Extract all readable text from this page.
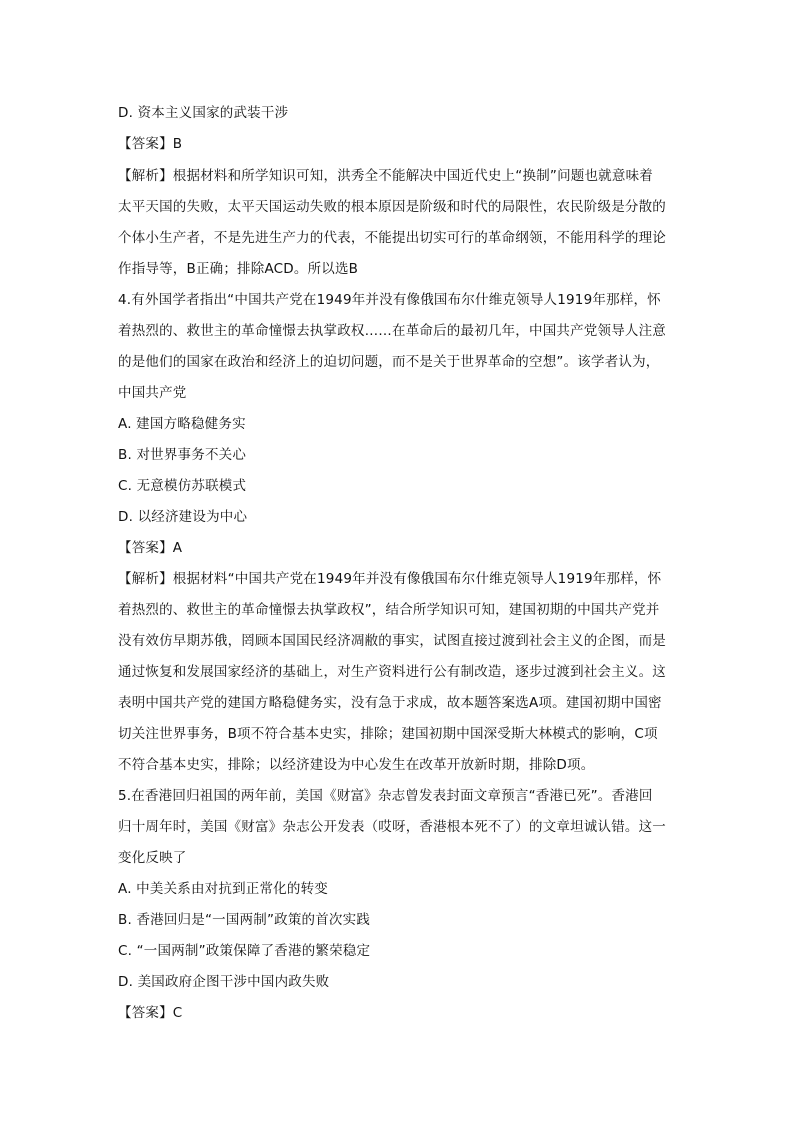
D. 资本主义国家的武装干涉
【答案】B
【解析】根据材料和所学知识可知，洪秀全不能解决中国近代史上“换制”问题也就意味着
太平天国的失败，太平天国运动失败的根本原因是阶级和时代的局限性，农民阶级是分散的
个体小生产者，不是先进生产力的代表，不能提出切实可行的革命纲领，不能用科学的理论
作指导等，B正确；排除ACD。所以选B
4.有外国学者指出“中国共产党在1949年并没有像俄国布尔什维克领导人1919年那样，怀
着热烈的、救世主的革命憧憬去执掌政权……在革命后的最初几年，中国共产党领导人注意
的是他们的国家在政治和经济上的迫切问题，而不是关于世界革命的空想”。该学者认为，
中国共产党
A. 建国方略稳健务实
B. 对世界事务不关心
C. 无意模仿苏联模式
D. 以经济建设为中心
【答案】A
【解析】根据材料“中国共产党在1949年并没有像俄国布尔什维克领导人1919年那样，怀
着热烈的、救世主的革命憧憬去执掌政权”，结合所学知识可知，建国初期的中国共产党并
没有效仿早期苏俄，罔顾本国国民经济凋敝的事实，试图直接过渡到社会主义的企图，而是
通过恢复和发展国家经济的基础上，对生产资料进行公有制改造，逐步过渡到社会主义。这
表明中国共产党的建国方略稳健务实，没有急于求成，故本题答案选A项。建国初期中国密
切关注世界事务，B项不符合基本史实，排除；建国初期中国深受斯大林模式的影响，C项
不符合基本史实，排除；以经济建设为中心发生在改革开放新时期，排除D项。
5.在香港回归祖国的两年前，美国《财富》杂志曾发表封面文章预言“香港已死”。香港回
归十周年时，美国《财富》杂志公开发表（哎呀，香港根本死不了）的文章坦诚认错。这一
变化反映了
A. 中美关系由对抗到正常化的转变
B. 香港回归是“一国两制”政策的首次实践
C. “一国两制”政策保障了香港的繁荣稳定
D. 美国政府企图干涉中国内政失败
【答案】C
